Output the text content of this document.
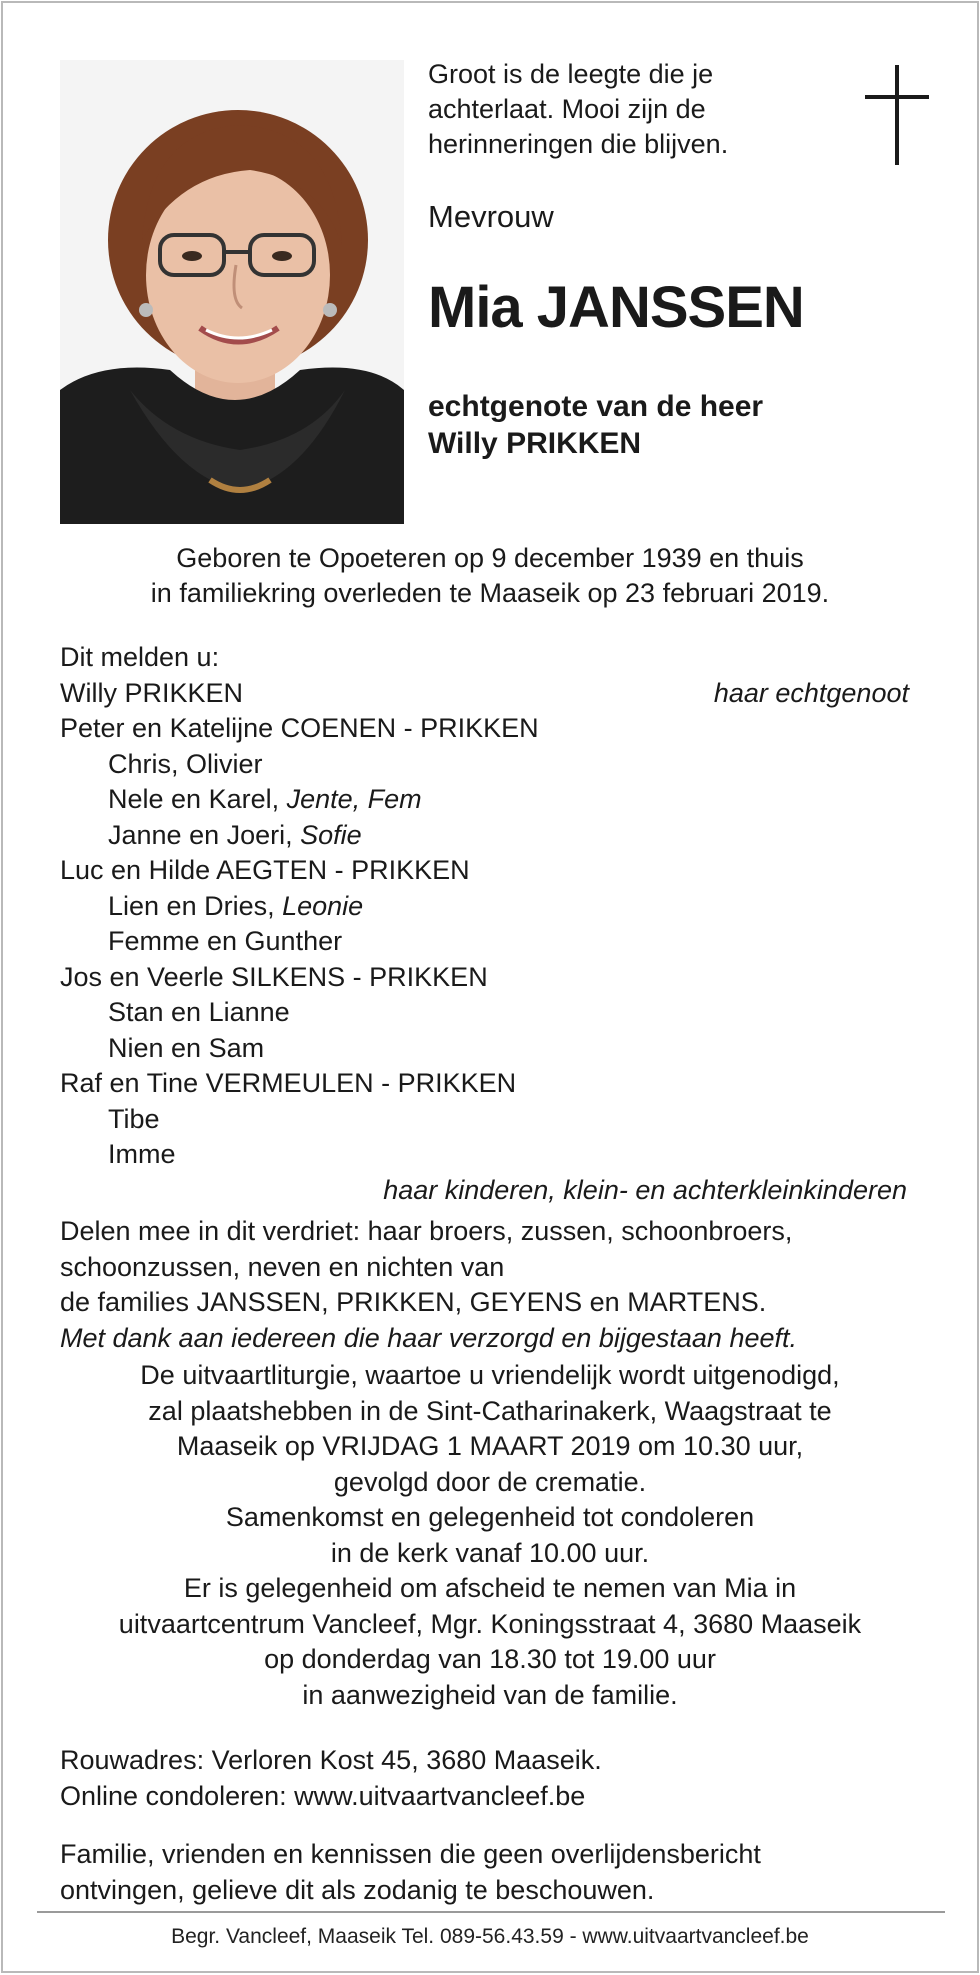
Groot is de leegte die je
achterlaat. Mooi zijn de
herinneringen die blijven.
Mevrouw
Mia JANSSEN
echtgenote van de heer
Willy PRIKKEN
Geboren te Opoeteren op 9 december 1939 en thuis
in familiekring overleden te Maaseik op 23 februari 2019.
Dit melden u:
Willy PRIKKEN	haar echtgenoot
Peter en Katelijne COENEN - PRIKKEN
Chris, Olivier
Nele en Karel, Jente, Fem
Janne en Joeri, Sofie
Luc en Hilde AEGTEN - PRIKKEN
Lien en Dries, Leonie
Femme en Gunther
Jos en Veerle SILKENS - PRIKKEN
Stan en Lianne
Nien en Sam
Raf en Tine VERMEULEN - PRIKKEN
Tibe
Imme
haar kinderen, klein- en achterkleinkinderen
Delen mee in dit verdriet: haar broers, zussen, schoonbroers,
schoonzussen, neven en nichten van
de families JANSSEN, PRIKKEN, GEYENS en MARTENS.
Met dank aan iedereen die haar verzorgd en bijgestaan heeft.
De uitvaartliturgie, waartoe u vriendelijk wordt uitgenodigd,
zal plaatshebben in de Sint-Catharinakerk, Waagstraat te
Maaseik op VRIJDAG 1 MAART 2019 om 10.30 uur,
gevolgd door de crematie.
Samenkomst en gelegenheid tot condoleren
in de kerk vanaf 10.00 uur.
Er is gelegenheid om afscheid te nemen van Mia in
uitvaartcentrum Vancleef, Mgr. Koningsstraat 4, 3680 Maaseik
op donderdag van 18.30 tot 19.00 uur
in aanwezigheid van de familie.
Rouwadres: Verloren Kost 45, 3680 Maaseik.
Online condoleren: www.uitvaartvancleef.be
Familie, vrienden en kennissen die geen overlijdensbericht
ontvingen, gelieve dit als zodanig te beschouwen.
Begr. Vancleef, Maaseik Tel. 089-56.43.59 - www.uitvaartvancleef.be
